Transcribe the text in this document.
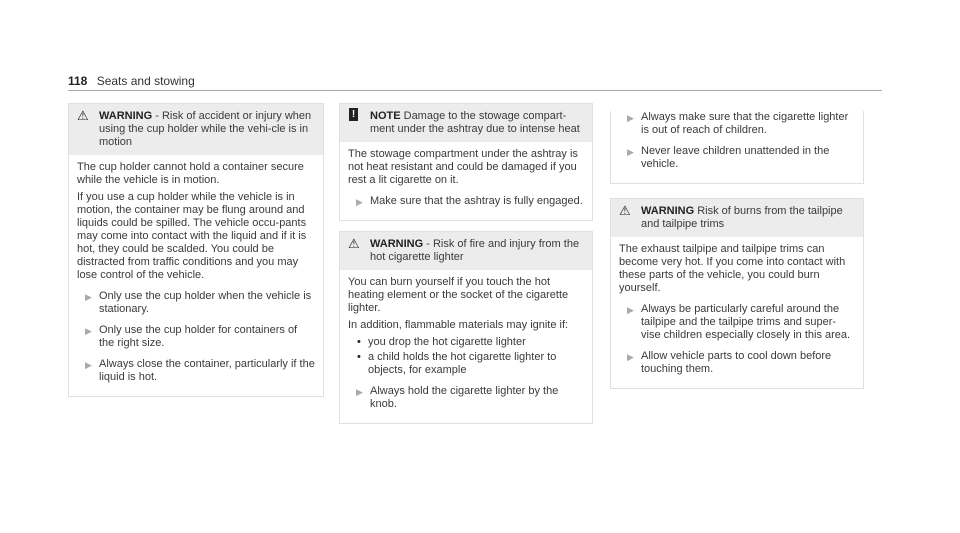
118 Seats and stowing
⚠ WARNING - Risk of accident or injury when using the cup holder while the vehi-cle is in motion

The cup holder cannot hold a container secure while the vehicle is in motion.

If you use a cup holder while the vehicle is in motion, the container may be flung around and liquids could be spilled. The vehicle occu-pants may come into contact with the liquid and if it is hot, they could be scalded. You could be distracted from traffic conditions and you may lose control of the vehicle.

▶ Only use the cup holder when the vehicle is stationary.
▶ Only use the cup holder for containers of the right size.
▶ Always close the container, particularly if the liquid is hot.
! NOTE Damage to the stowage compart-ment under the ashtray due to intense heat

The stowage compartment under the ashtray is not heat resistant and could be damaged if you rest a lit cigarette on it.

▶ Make sure that the ashtray is fully engaged.
⚠ WARNING - Risk of fire and injury from the hot cigarette lighter

You can burn yourself if you touch the hot heating element or the socket of the cigarette lighter.

In addition, flammable materials may ignite if:

• you drop the hot cigarette lighter
• a child holds the hot cigarette lighter to objects, for example
▶ Always hold the cigarette lighter by the knob.
▶ Always make sure that the cigarette lighter is out of reach of children.
▶ Never leave children unattended in the vehicle.
⚠ WARNING Risk of burns from the tailpipe and tailpipe trims

The exhaust tailpipe and tailpipe trims can become very hot. If you come into contact with these parts of the vehicle, you could burn yourself.

▶ Always be particularly careful around the tailpipe and the tailpipe trims and super-vise children especially closely in this area.
▶ Allow vehicle parts to cool down before touching them.
